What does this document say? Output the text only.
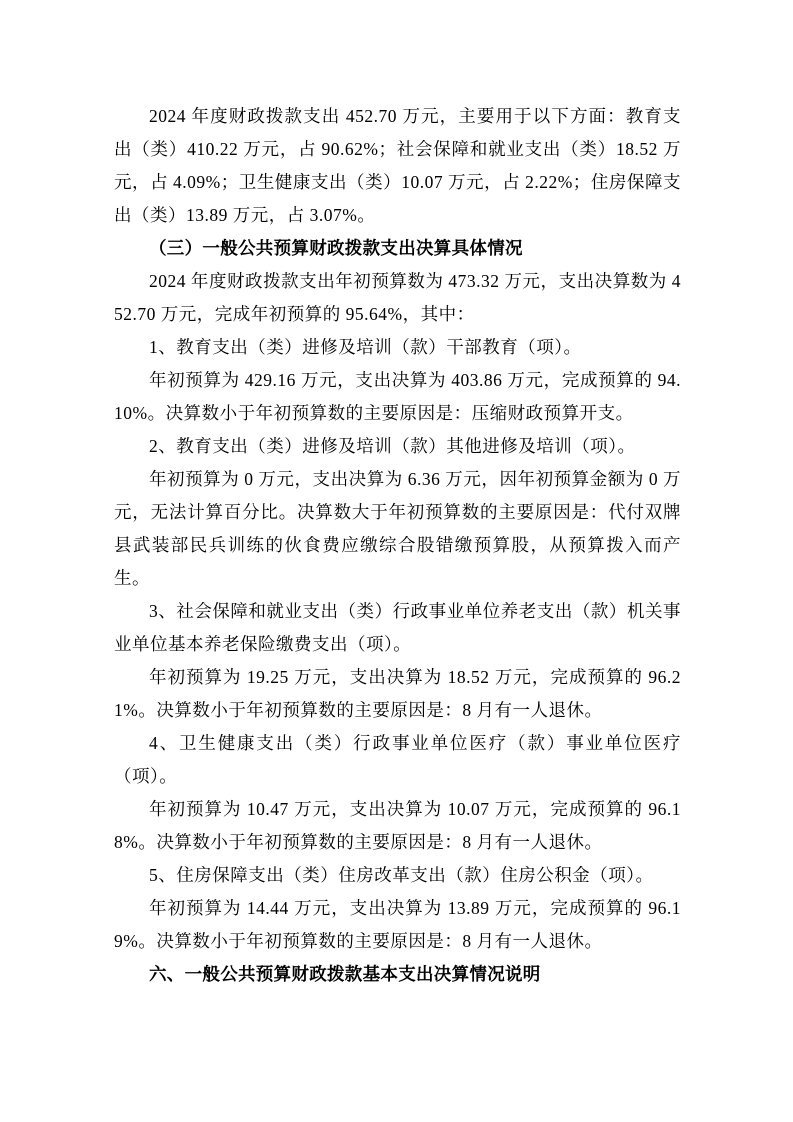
2024 年度财政拨款支出 452.70 万元，主要用于以下方面：教育支出（类）410.22 万元，占 90.62%；社会保障和就业支出（类）18.52 万元，占 4.09%；卫生健康支出（类）10.07 万元，占 2.22%；住房保障支出（类）13.89 万元，占 3.07%。

（三）一般公共预算财政拨款支出决算具体情况

2024 年度财政拨款支出年初预算数为 473.32 万元，支出决算数为 452.70 万元，完成年初预算的 95.64%，其中：

1、教育支出（类）进修及培训（款）干部教育（项）。

年初预算为 429.16 万元，支出决算为 403.86 万元，完成预算的 94.10%。决算数小于年初预算数的主要原因是：压缩财政预算开支。

2、教育支出（类）进修及培训（款）其他进修及培训（项）。

年初预算为 0 万元，支出决算为 6.36 万元，因年初预算金额为 0 万元，无法计算百分比。决算数大于年初预算数的主要原因是：代付双牌县武装部民兵训练的伙食费应缴综合股错缴预算股，从预算拨入而产生。

3、社会保障和就业支出（类）行政事业单位养老支出（款）机关事业单位基本养老保险缴费支出（项）。

年初预算为 19.25 万元，支出决算为 18.52 万元，完成预算的 96.21%。决算数小于年初预算数的主要原因是：8 月有一人退休。

4、卫生健康支出（类）行政事业单位医疗（款）事业单位医疗（项）。

年初预算为 10.47 万元，支出决算为 10.07 万元，完成预算的 96.18%。决算数小于年初预算数的主要原因是：8 月有一人退休。

5、住房保障支出（类）住房改革支出（款）住房公积金（项）。

年初预算为 14.44 万元，支出决算为 13.89 万元，完成预算的 96.19%。决算数小于年初预算数的主要原因是：8 月有一人退休。

六、一般公共预算财政拨款基本支出决算情况说明
